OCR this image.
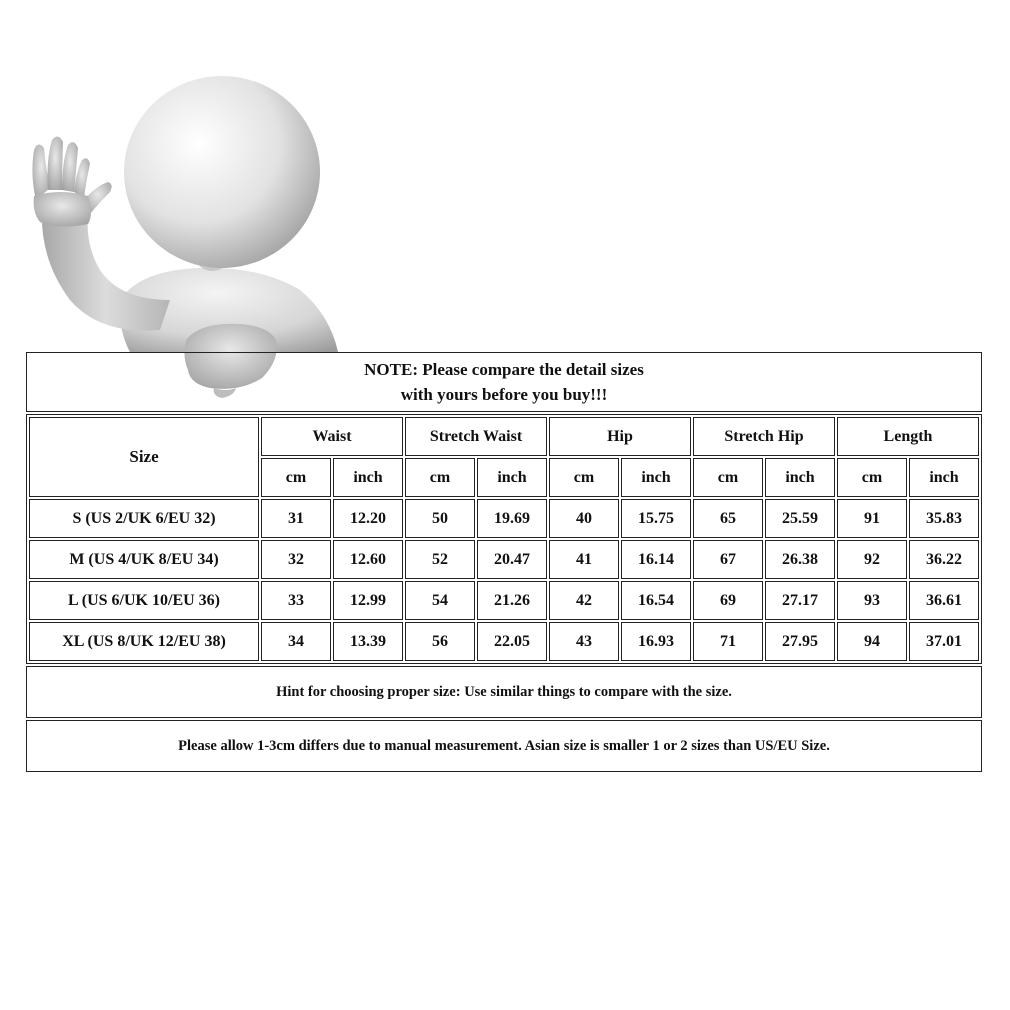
NOTE: Please compare the detail sizes
with yours before you buy!!!
Size	Waist		Stretch Waist		Hip		Stretch Hip		Length	
	cm	inch	cm	inch	cm	inch	cm	inch	cm	inch
S (US 2/UK 6/EU 32)	31	12.20	50	19.69	40	15.75	65	25.59	91	35.83
M (US 4/UK 8/EU 34)	32	12.60	52	20.47	41	16.14	67	26.38	92	36.22
L (US 6/UK 10/EU 36)	33	12.99	54	21.26	42	16.54	69	27.17	93	36.61
XL (US 8/UK 12/EU 38)	34	13.39	56	22.05	43	16.93	71	27.95	94	37.01
Hint for choosing proper size: Use similar things to compare with the size.
Please allow 1-3cm differs due to manual measurement. Asian size is smaller 1 or 2 sizes than US/EU Size.
